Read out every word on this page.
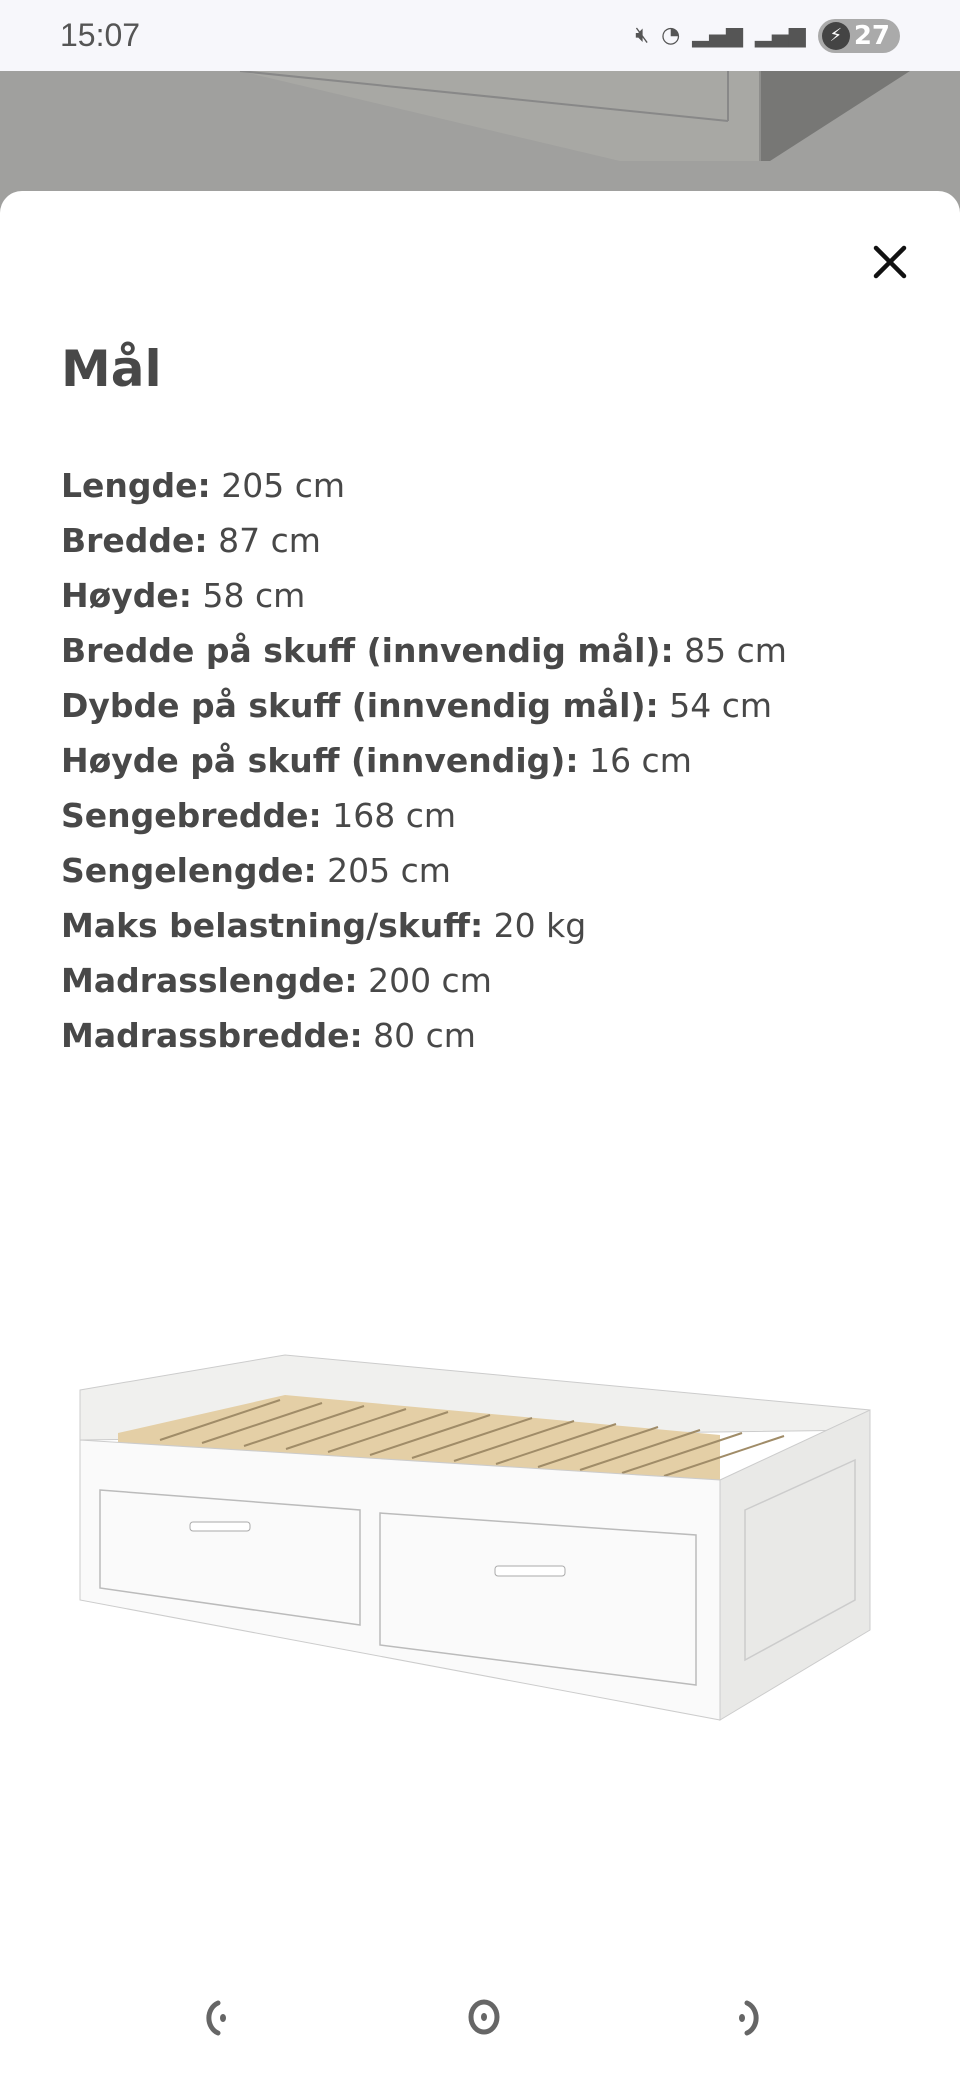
15:07	🔇︎ ◔ ▂▄▆ ▂▄▆	⚡︎ 27
Mål
Lengde: 205 cm
Bredde: 87 cm
Høyde: 58 cm
Bredde på skuff (innvendig mål): 85 cm
Dybde på skuff (innvendig mål): 54 cm
Høyde på skuff (innvendig): 16 cm
Sengebredde: 168 cm
Sengelengde: 205 cm
Maks belastning/skuff: 20 kg
Madrasslengde: 200 cm
Madrassbredde: 80 cm
